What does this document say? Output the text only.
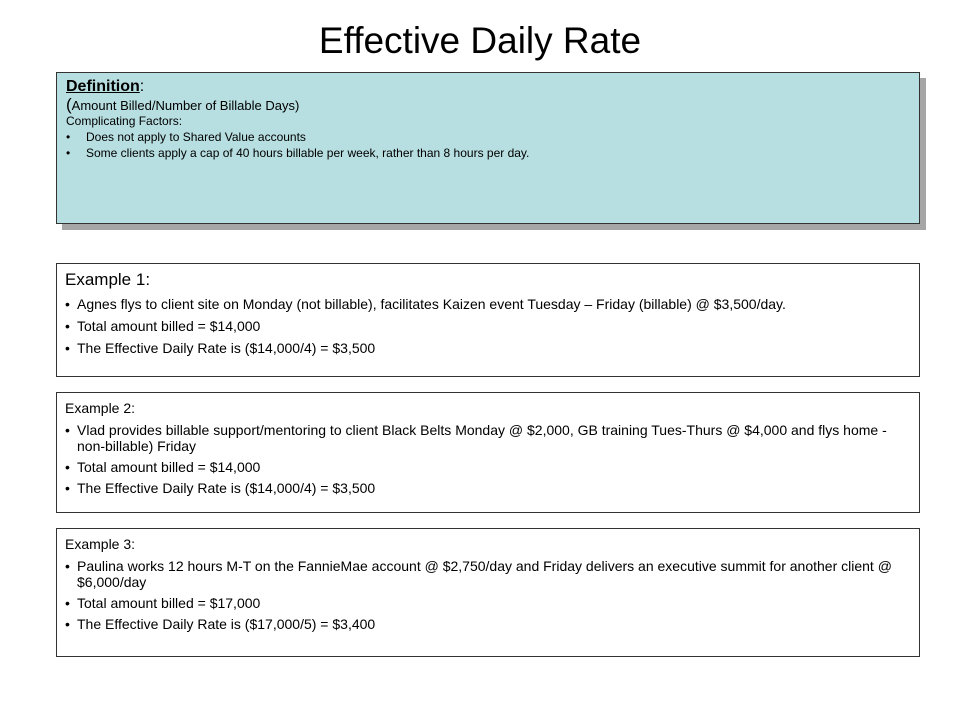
Effective Daily Rate
Definition:
(Amount Billed/Number of Billable Days)
Complicating Factors:
• Does not apply to Shared Value accounts
• Some clients apply a cap of 40 hours billable per week, rather than 8 hours per day.
Example 1:
• Agnes flys to client site on Monday (not billable), facilitates Kaizen event Tuesday – Friday (billable) @ $3,500/day.
• Total amount billed = $14,000
• The Effective Daily Rate is ($14,000/4) = $3,500
Example 2:
• Vlad provides billable support/mentoring to client Black Belts Monday @ $2,000, GB training Tues-Thurs @ $4,000 and flys home -non-billable) Friday
• Total amount billed = $14,000
• The Effective Daily Rate is ($14,000/4) = $3,500
Example 3:
• Paulina works 12 hours M-T on the FannieMae account @ $2,750/day and Friday delivers an executive summit for another client @ $6,000/day
• Total amount billed = $17,000
• The Effective Daily Rate is ($17,000/5) = $3,400
